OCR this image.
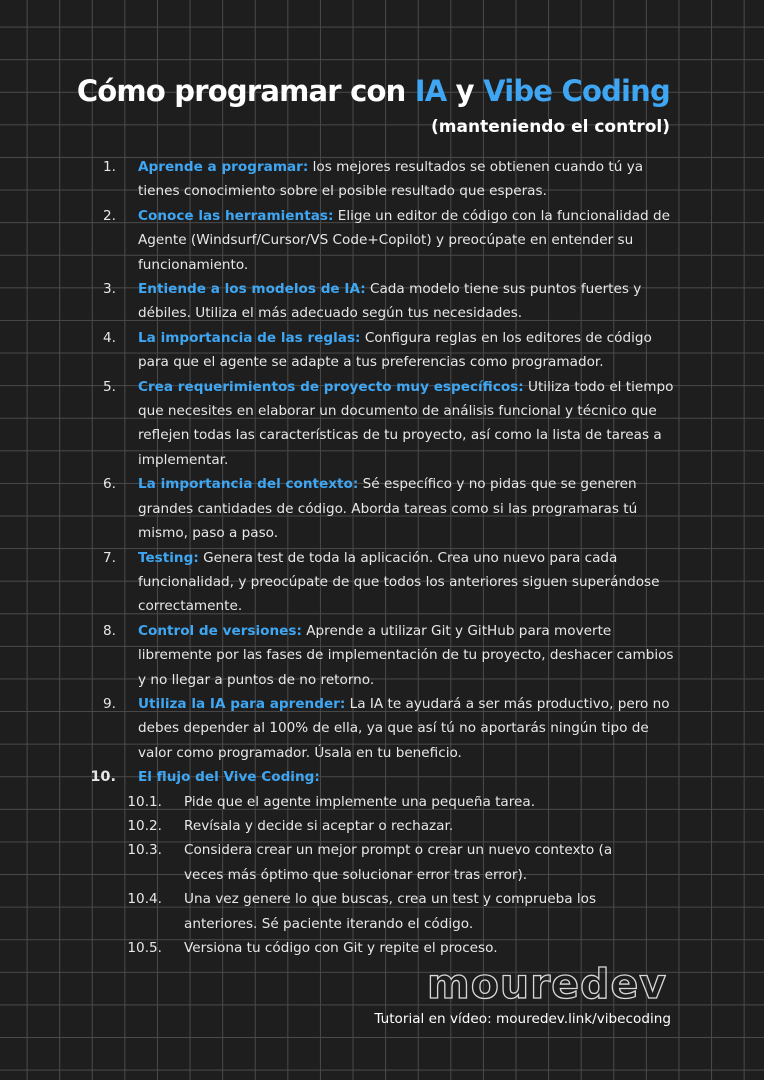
Cómo programar con IA y Vibe Coding

(manteniendo el control)

1. Aprende a programar: los mejores resultados se obtienen cuando tú ya tienes conocimiento sobre el posible resultado que esperas.
2. Conoce las herramientas: Elige un editor de código con la funcionalidad de Agente (Windsurf/Cursor/VS Code+Copilot) y preocúpate en entender su funcionamiento.
3. Entiende a los modelos de IA: Cada modelo tiene sus puntos fuertes y débiles. Utiliza el más adecuado según tus necesidades.
4. La importancia de las reglas: Configura reglas en los editores de código para que el agente se adapte a tus preferencias como programador.
5. Crea requerimientos de proyecto muy específicos: Utiliza todo el tiempo que necesites en elaborar un documento de análisis funcional y técnico que reflejen todas las características de tu proyecto, así como la lista de tareas a implementar.
6. La importancia del contexto: Sé específico y no pidas que se generen grandes cantidades de código. Aborda tareas como si las programaras tú mismo, paso a paso.
7. Testing: Genera test de toda la aplicación. Crea uno nuevo para cada funcionalidad, y preocúpate de que todos los anteriores siguen superándose correctamente.
8. Control de versiones: Aprende a utilizar Git y GitHub para moverte libremente por las fases de implementación de tu proyecto, deshacer cambios y no llegar a puntos de no retorno.
9. Utiliza la IA para aprender: La IA te ayudará a ser más productivo, pero no debes depender al 100% de ella, ya que así tú no aportarás ningún tipo de valor como programador. Úsala en tu beneficio.
10. El flujo del Vive Coding:
10.1. Pide que el agente implemente una pequeña tarea.
10.2. Revísala y decide si aceptar o rechazar.
10.3. Considera crear un mejor prompt o crear un nuevo contexto (a veces más óptimo que solucionar error tras error).
10.4. Una vez genere lo que buscas, crea un test y comprueba los anteriores. Sé paciente iterando el código.
10.5. Versiona tu código con Git y repite el proceso.
mouredev
Tutorial en vídeo: mouredev.link/vibecoding
